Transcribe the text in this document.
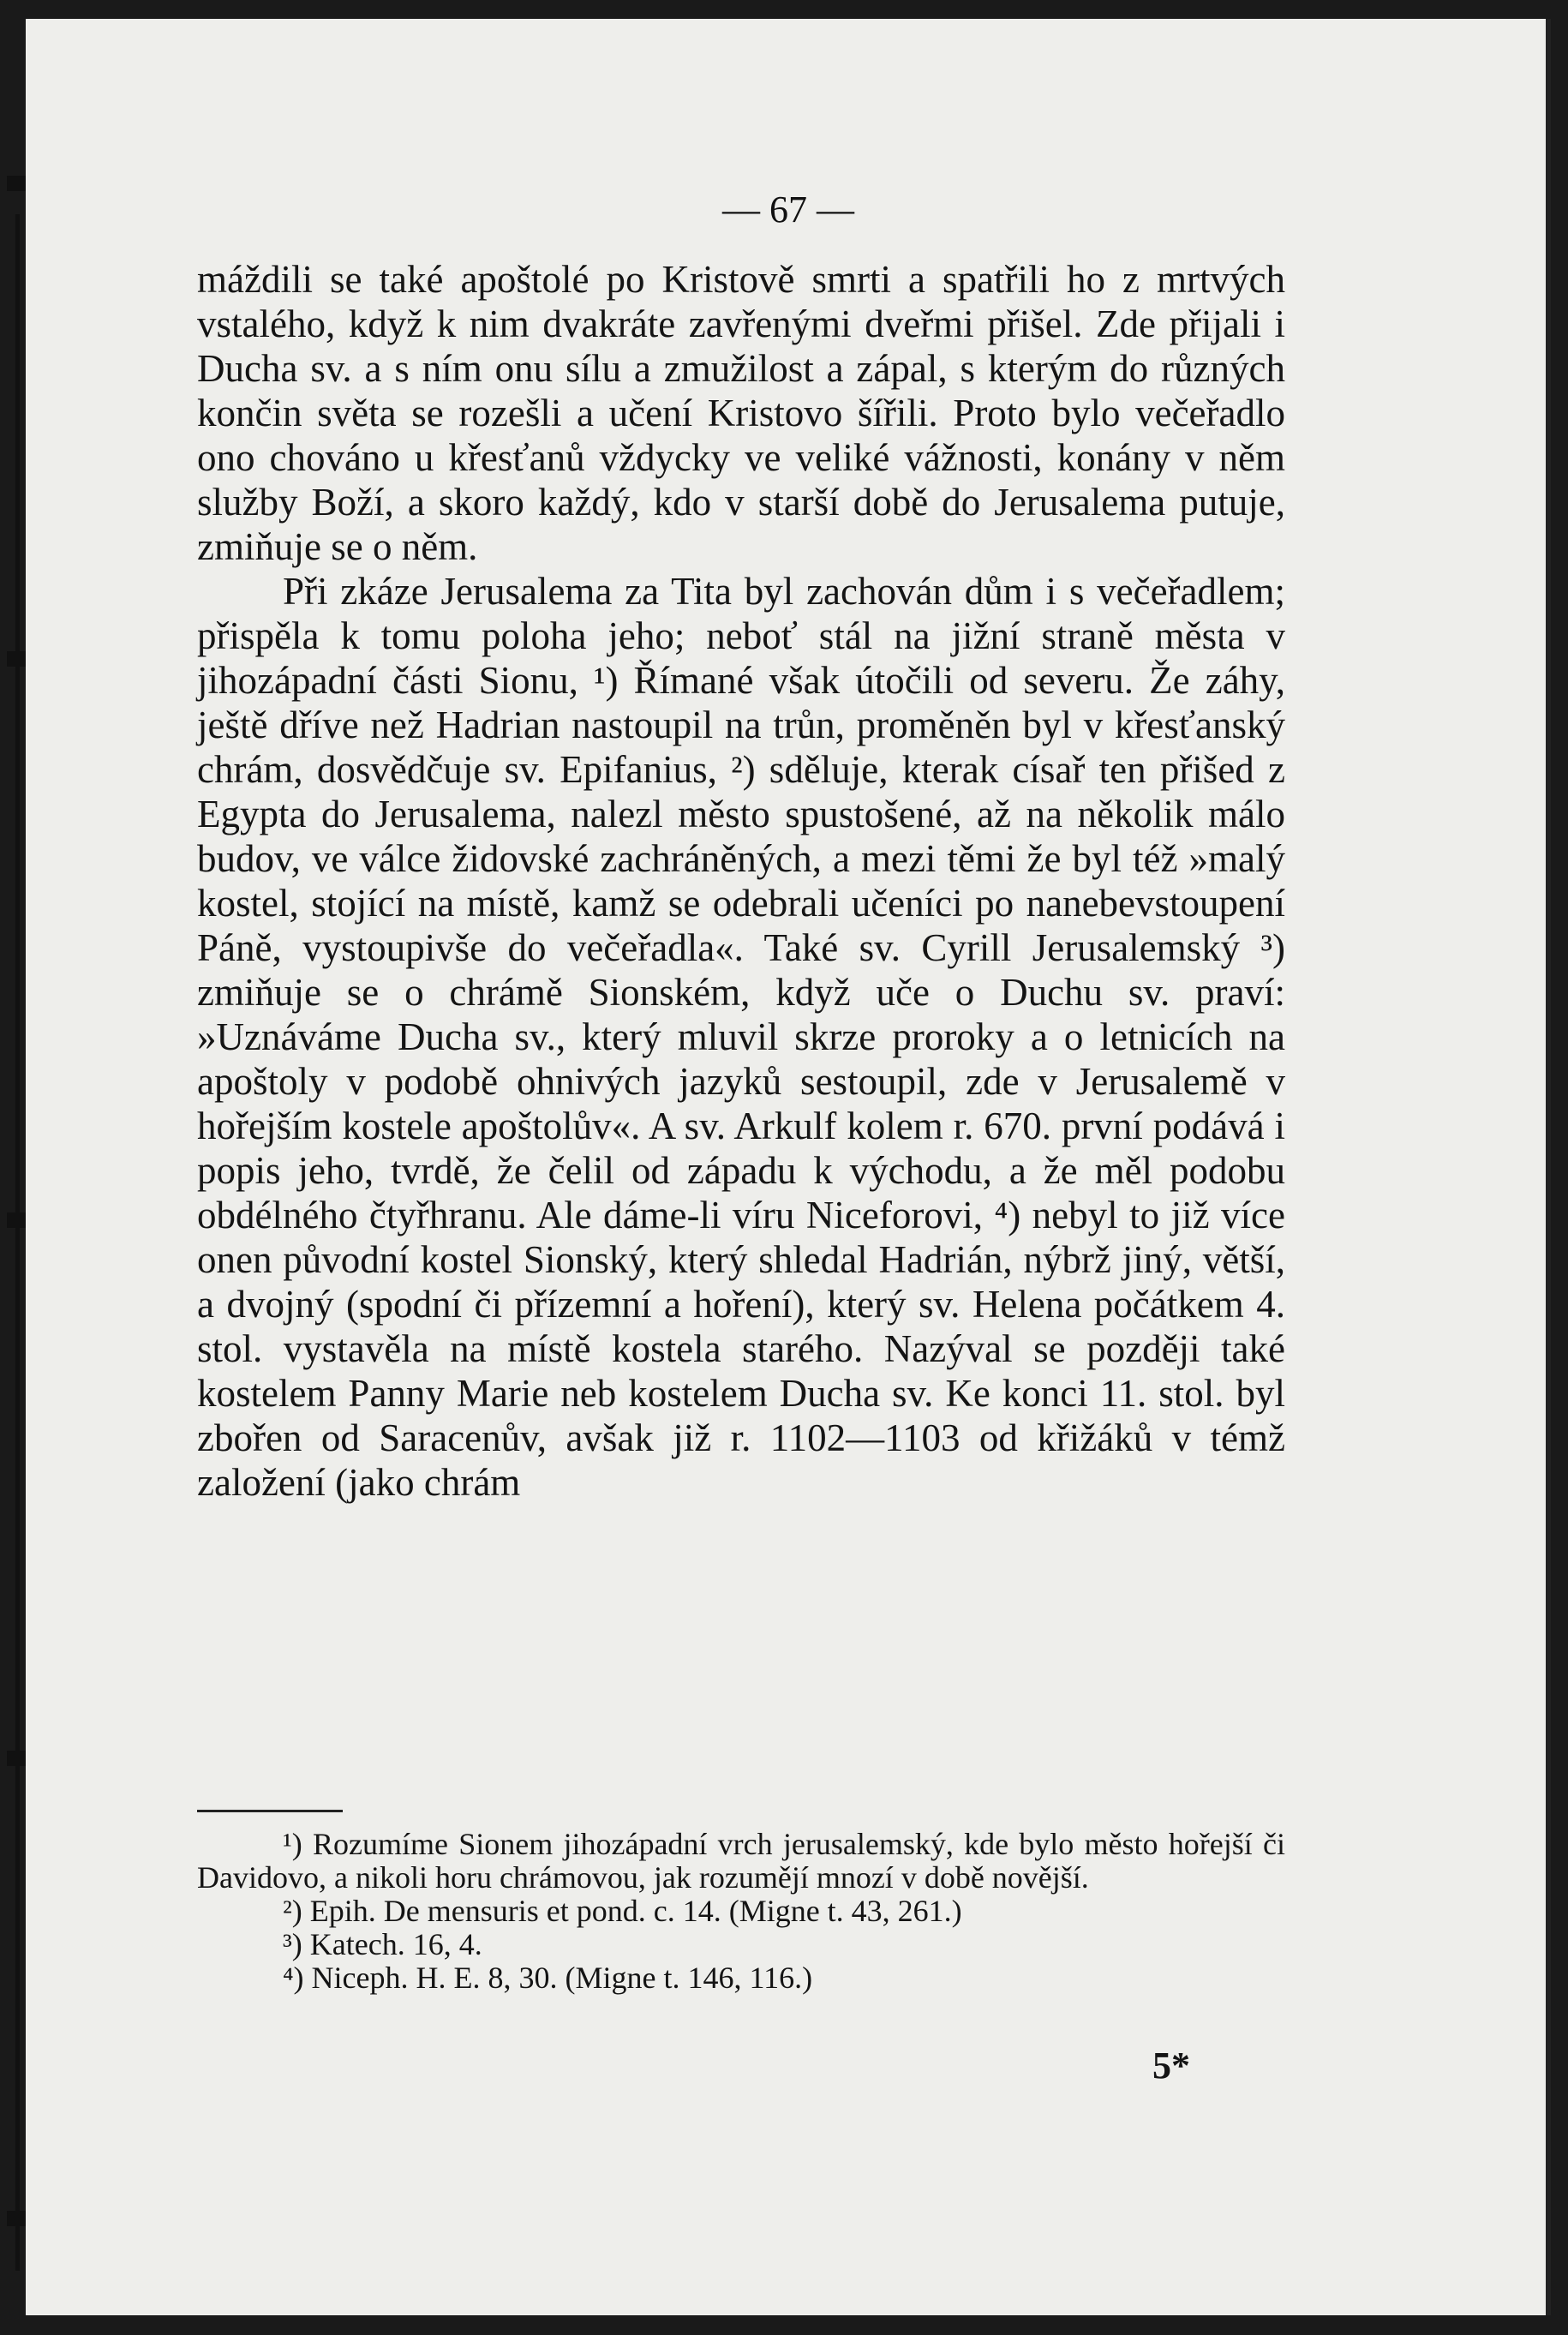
— 67 —

máždili se také apoštolé po Kristově smrti a spatřili ho z mrtvých vstalého, když k nim dvakráte zavřenými dveřmi přišel. Zde přijali i Ducha sv. a s ním onu sílu a zmužilost a zápal, s kterým do různých končin světa se rozešli a učení Kristovo šířili. Proto bylo večeřadlo ono chováno u křesťanů vždycky ve veliké vážnosti, konány v něm služby Boží, a skoro každý, kdo v starší době do Jerusalema putuje, zmiňuje se o něm.

Při zkáze Jerusalema za Tita byl zachován dům i s večeřadlem; přispěla k tomu poloha jeho; neboť stál na jižní straně města v jihozápadní části Sionu, ¹) Římané však útočili od severu. Že záhy, ještě dříve než Hadrian nastoupil na trůn, proměněn byl v křesťanský chrám, dosvědčuje sv. Epifanius, ²) sděluje, kterak císař ten přišed z Egypta do Jerusalema, nalezl město spustošené, až na několik málo budov, ve válce židovské zachráněných, a mezi těmi že byl též »malý kostel, stojící na místě, kamž se odebrali učeníci po nanebevstoupení Páně, vystoupivše do večeřadla«. Také sv. Cyrill Jerusalemský ³) zmiňuje se o chrámě Sionském, když uče o Duchu sv. praví: »Uznáváme Ducha sv., který mluvil skrze proroky a o letnicích na apoštoly v podobě ohnivých jazyků sestoupil, zde v Jerusalemě v hořejším kostele apoštolův«. A sv. Arkulf kolem r. 670. první podává i popis jeho, tvrdě, že čelil od západu k východu, a že měl podobu obdélného čtyřhranu. Ale dáme-li víru Niceforovi, ⁴) nebyl to již více onen původní kostel Sionský, který shledal Hadrián, nýbrž jiný, větší, a dvojný (spodní či přízemní a hoření), který sv. Helena počátkem 4. stol. vystavěla na místě kostela starého. Nazýval se později také kostelem Panny Marie neb kostelem Ducha sv. Ke konci 11. stol. byl zbořen od Saracenův, avšak již r. 1102—1103 od křižáků v témž založení (jako chrám

¹) Rozumíme Sionem jihozápadní vrch jerusalemský, kde bylo město hořejší či Davidovo, a nikoli horu chrámovou, jak rozumějí mnozí v době novější.

²) Epih. De mensuris et pond. c. 14. (Migne t. 43, 261.)

³) Katech. 16, 4.

⁴) Niceph. H. E. 8, 30. (Migne t. 146, 116.)

5*
